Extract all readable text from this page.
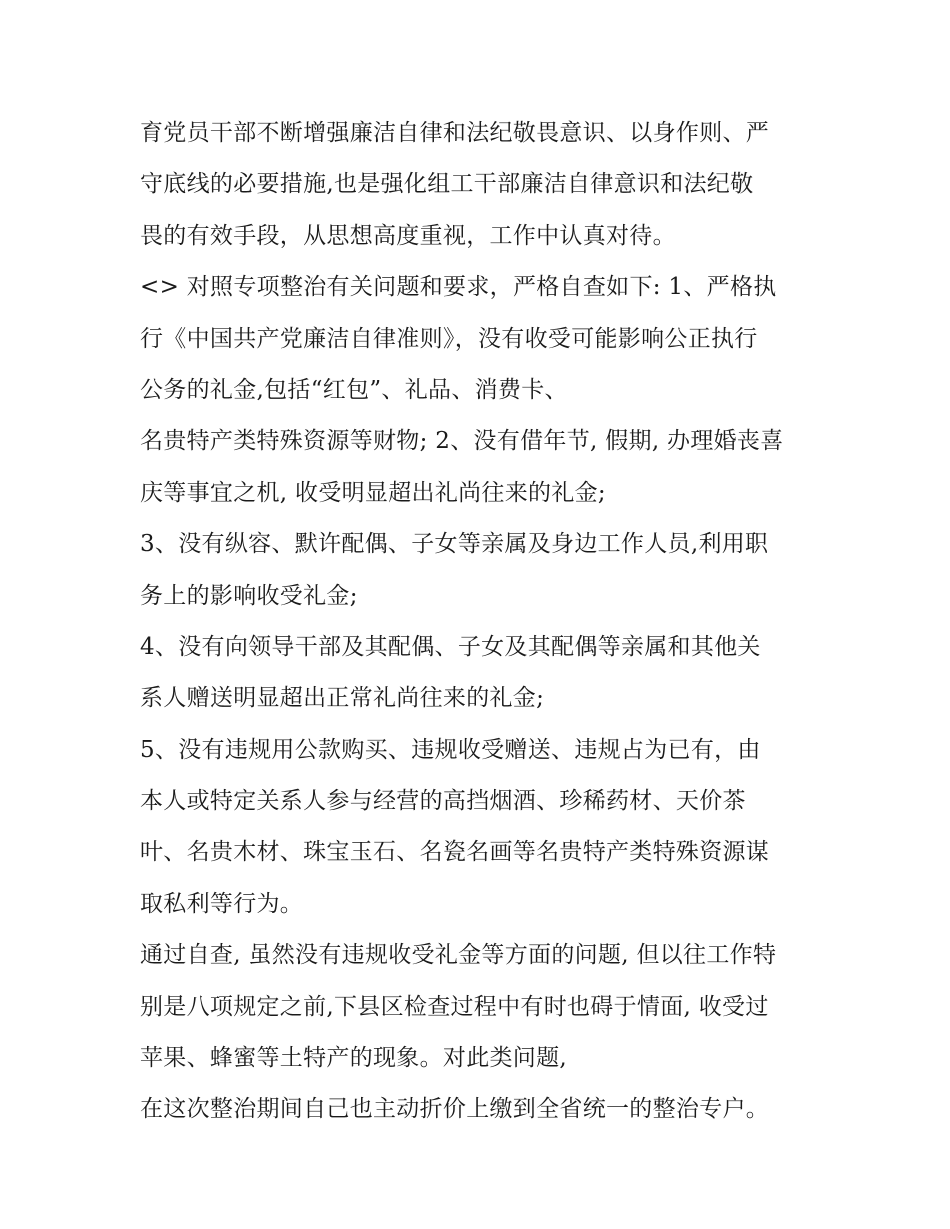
育党员干部不断增强廉洁自律和法纪敬畏意识、以身作则、严
守底线的必要措施,也是强化组工干部廉洁自律意识和法纪敬
畏的有效手段，从思想高度重视，工作中认真对待。
<> 对照专项整治有关问题和要求，严格自查如下: 1、严格执
行《中国共产党廉洁自律准则》，没有收受可能影响公正执行
公务的礼金,包括“红包”、礼品、消费卡、
名贵特产类特殊资源等财物; 2、没有借年节, 假期, 办理婚丧喜
庆等事宜之机, 收受明显超出礼尚往来的礼金;
3、没有纵容、默许配偶、子女等亲属及身边工作人员,利用职
务上的影响收受礼金;
4、没有向领导干部及其配偶、子女及其配偶等亲属和其他关
系人赠送明显超出正常礼尚往来的礼金;
5、没有违规用公款购买、违规收受赠送、违规占为已有，由
本人或特定关系人参与经营的高挡烟酒、珍稀药材、天价茶
叶、名贵木材、珠宝玉石、名瓷名画等名贵特产类特殊资源谋
取私利等行为。
通过自查, 虽然没有违规收受礼金等方面的问题, 但以往工作特
别是八项规定之前,下县区检查过程中有时也碍于情面, 收受过
苹果、蜂蜜等土特产的现象。对此类问题,
在这次整治期间自己也主动折价上缴到全省统一的整治专户。
